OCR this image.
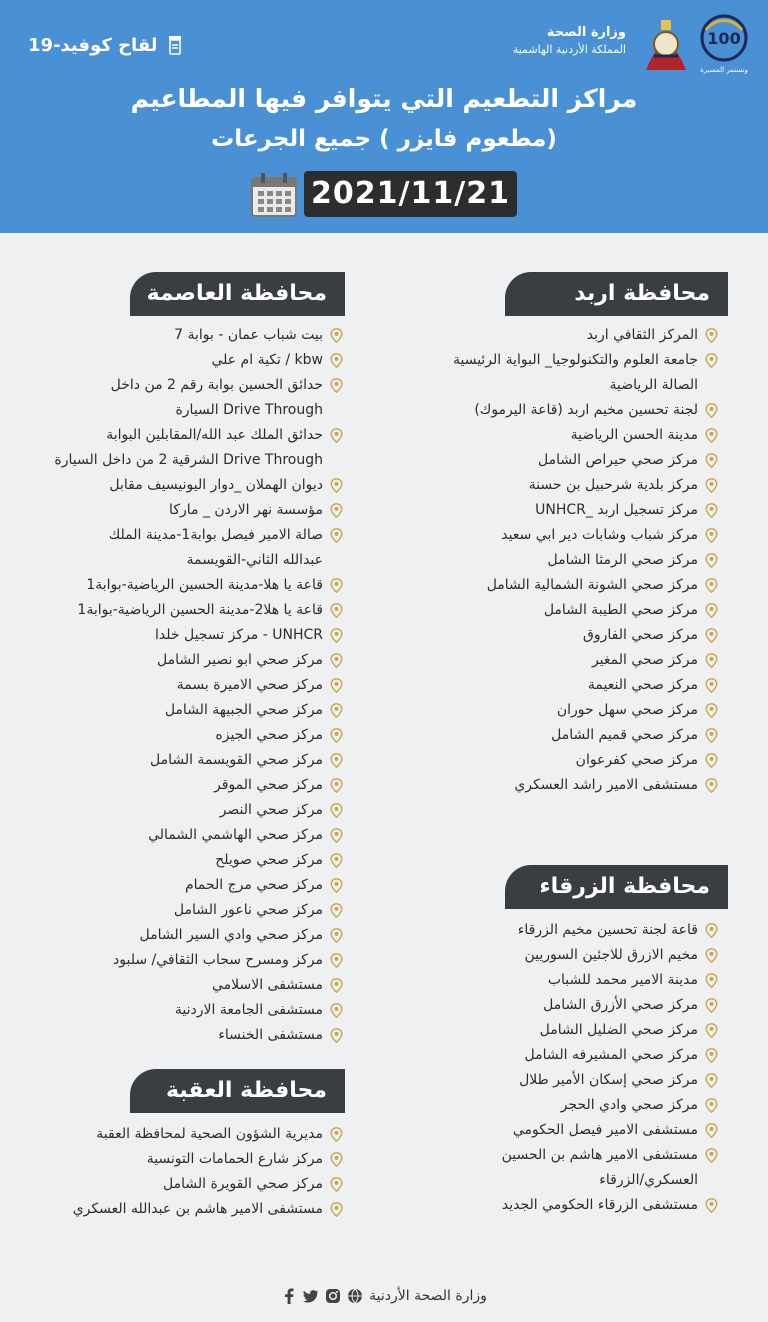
100
ونستمر المسيرة
وزارة الصحة
المملكة الأردنية الهاشمية
لقاح كوفيد-19
مراكز التطعيم التي يتوافر فيها المطاعيم
(مطعوم فايزر ) جميع الجرعات
2021/11/21
محافظة اربد
محافظة العاصمة
محافظة الزرقاء
محافظة العقبة
المركز الثقافي اربد
جامعة العلوم والتكنولوجيا_ البواية الرئيسية
الصالة الرياضية
لجنة تحسين مخيم اربد (قاعة اليرموك)
مدينة الحسن الرياضية
مركز صحي حيراص الشامل
مركز بلدية شرحبيل بن حسنة
مركز تسجيل اربد _UNHCR
مركز شباب وشابات دير ابي سعيد
مركز صحي الرمثا الشامل
مركز صحي الشونة الشمالية الشامل
مركز صحي الطيبة الشامل
مركز صحي الفاروق
مركز صحي المغير
مركز صحي النعيمة
مركز صحي سهل حوران
مركز صحي قميم الشامل
مركز صحي كفرعوان
مستشفى الامير راشد العسكري
بيت شباب عمان - بوابة 7
kbw / تكية ام علي
حدائق الحسين بوابة رقم 2 من داخل
Drive Through السيارة
حدائق الملك عبد الله/المقابلين البوابة
Drive Through الشرقية 2 من داخل السيارة
ديوان الهملان _دوار اليونيسيف مقابل
مؤسسة نهر الاردن _ ماركا
صالة الامير فيصل بوابة1-مدينة الملك
عبدالله الثاني-القويسمة
قاعة يا هلا-مدينة الحسين الرياضية-بوابة1
قاعة يا هلا2-مدينة الحسين الرياضية-بوابة1
UNHCR - مركز تسجيل خلدا
مركز صحي ابو نصير الشامل
مركز صحي الاميرة بسمة
مركز صحي الجبيهة الشامل
مركز صحي الجيزه
مركز صحي القويسمة الشامل
مركز صحي الموقر
مركز صحي النصر
مركز صحي الهاشمي الشمالي
مركز صحي صويلح
مركز صحي مرج الحمام
مركز صحي ناعور الشامل
مركز صحي وادي السير الشامل
مركز ومسرح سحاب الثقافي/ سلبود
مستشفى الاسلامي
مستشفى الجامعة الاردنية
مستشفى الخنساء
قاعة لجنة تحسين مخيم الزرقاء
مخيم الازرق للاجئين السوريين
مدينة الامير محمد للشباب
مركز صحي الأزرق الشامل
مركز صحي الضليل الشامل
مركز صحي المشيرفه الشامل
مركز صحي إسكان الأمير طلال
مركز صحي وادي الحجر
مستشفى الامير فيصل الحكومي
مستشفى الامير هاشم بن الحسين
العسكري/الزرقاء
مستشفى الزرقاء الحكومي الجديد
مديرية الشؤون الصحية لمحافظة العقبة
مركز شارع الحمامات التونسية
مركز صحي القويرة الشامل
مستشفى الامير هاشم بن عبدالله العسكري
وزارة الصحة الأردنية
